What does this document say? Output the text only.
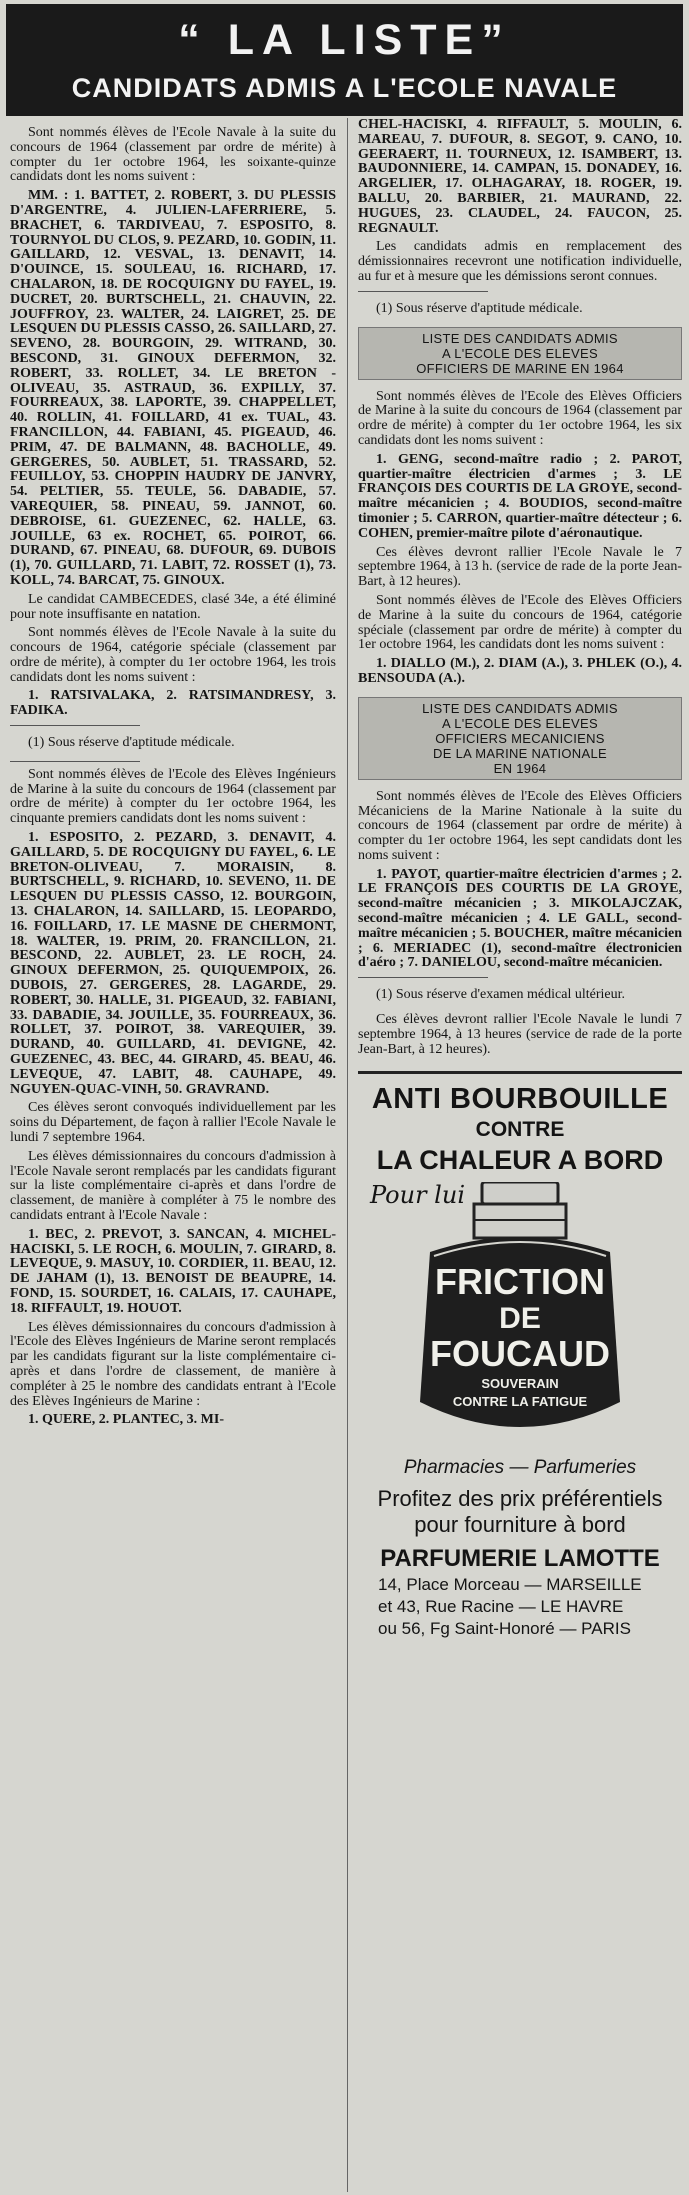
“ LA LISTE”
CANDIDATS ADMIS A L'ECOLE NAVALE

Sont nommés élèves de l'Ecole Navale à la suite du concours de 1964 (classement par ordre de mérite) à compter du 1er octobre 1964, les soixante-quinze candidats dont les noms suivent :

MM. : 1. BATTET, 2. ROBERT, 3. DU PLESSIS D'ARGENTRE, 4. JULIEN-LAFERRIERE, 5. BRACHET, 6. TARDIVEAU, 7. ESPOSITO, 8. TOURNYOL DU CLOS, 9. PEZARD, 10. GODIN, 11. GAILLARD, 12. VESVAL, 13. DENAVIT, 14. D'OUINCE, 15. SOULEAU, 16. RICHARD, 17. CHALARON, 18. DE ROCQUIGNY DU FAYEL, 19. DUCRET, 20. BURTSCHELL, 21. CHAUVIN, 22. JOUFFROY, 23. WALTER, 24. LAIGRET, 25. DE LESQUEN DU PLESSIS CASSO, 26. SAILLARD, 27. SEVENO, 28. BOURGOIN, 29. WITRAND, 30. BESCOND, 31. GINOUX DEFERMON, 32. ROBERT, 33. ROLLET, 34. LE BRETON - OLIVEAU, 35. ASTRAUD, 36. EXPILLY, 37. FOURREAUX, 38. LAPORTE, 39. CHAPPELLET, 40. ROLLIN, 41. FOILLARD, 41 ex. TUAL, 43. FRANCILLON, 44. FABIANI, 45. PIGEAUD, 46. PRIM, 47. DE BALMANN, 48. BACHOLLE, 49. GERGERES, 50. AUBLET, 51. TRASSARD, 52. FEUILLOY, 53. CHOPPIN HAUDRY DE JANVRY, 54. PELTIER, 55. TEULE, 56. DABADIE, 57. VAREQUIER, 58. PINEAU, 59. JANNOT, 60. DEBROISE, 61. GUEZENEC, 62. HALLE, 63. JOUILLE, 63 ex. ROCHET, 65. POIROT, 66. DURAND, 67. PINEAU, 68. DUFOUR, 69. DUBOIS (1), 70. GUILLARD, 71. LABIT, 72. ROSSET (1), 73. KOLL, 74. BARCAT, 75. GINOUX.

Le candidat CAMBECEDES, clasé 34e, a été éliminé pour note insuffisante en natation.

Sont nommés élèves de l'Ecole Navale à la suite du concours de 1964, catégorie spéciale (classement par ordre de mérite), à compter du 1er octobre 1964, les trois candidats dont les noms suivent :

1. RATSIVALAKA, 2. RATSIMANDRESY, 3. FADIKA.

(1) Sous réserve d'aptitude médicale.

Sont nommés élèves de l'Ecole des Elèves Ingénieurs de Marine à la suite du concours de 1964 (classement par ordre de mérite) à compter du 1er octobre 1964, les cinquante premiers candidats dont les noms suivent :

1. ESPOSITO, 2. PEZARD, 3. DENAVIT, 4. GAILLARD, 5. DE ROCQUIGNY DU FAYEL, 6. LE BRETON-OLIVEAU, 7. MORAISIN, 8. BURTSCHELL, 9. RICHARD, 10. SEVENO, 11. DE LESQUEN DU PLESSIS CASSO, 12. BOURGOIN, 13. CHALARON, 14. SAILLARD, 15. LEOPARDO, 16. FOILLARD, 17. LE MASNE DE CHERMONT, 18. WALTER, 19. PRIM, 20. FRANCILLON, 21. BESCOND, 22. AUBLET, 23. LE ROCH, 24. GINOUX DEFERMON, 25. QUIQUEMPOIX, 26. DUBOIS, 27. GERGERES, 28. LAGARDE, 29. ROBERT, 30. HALLE, 31. PIGEAUD, 32. FABIANI, 33. DABADIE, 34. JOUILLE, 35. FOURREAUX, 36. ROLLET, 37. POIROT, 38. VAREQUIER, 39. DURAND, 40. GUILLARD, 41. DEVIGNE, 42. GUEZENEC, 43. BEC, 44. GIRARD, 45. BEAU, 46. LEVEQUE, 47. LABIT, 48. CAUHAPE, 49. NGUYEN-QUAC-VINH, 50. GRAVRAND.

Ces élèves seront convoqués individuellement par les soins du Département, de façon à rallier l'Ecole Navale le lundi 7 septembre 1964.

Les élèves démissionnaires du concours d'admission à l'Ecole Navale seront remplacés par les candidats figurant sur la liste complémentaire ci-après et dans l'ordre de classement, de manière à compléter à 75 le nombre des candidats entrant à l'Ecole Navale :

1. BEC, 2. PREVOT, 3. SANCAN, 4. MICHEL-HACISKI, 5. LE ROCH, 6. MOULIN, 7. GIRARD, 8. LEVEQUE, 9. MASUY, 10. CORDIER, 11. BEAU, 12. DE JAHAM (1), 13. BENOIST DE BEAUPRE, 14. FOND, 15. SOURDET, 16. CALAIS, 17. CAUHAPE, 18. RIFFAULT, 19. HOUOT.

Les élèves démissionnaires du concours d'admission à l'Ecole des Elèves Ingénieurs de Marine seront remplacés par les candidats figurant sur la liste complémentaire ci-après et dans l'ordre de classement, de manière à compléter à 25 le nombre des candidats entrant à l'Ecole des Elèves Ingénieurs de Marine :

1. QUERE, 2. PLANTEC, 3. MI-

CHEL-HACISKI, 4. RIFFAULT, 5. MOULIN, 6. MAREAU, 7. DUFOUR, 8. SEGOT, 9. CANO, 10. GEERAERT, 11. TOURNEUX, 12. ISAMBERT, 13. BAUDONNIERE, 14. CAMPAN, 15. DONADEY, 16. ARGELIER, 17. OLHAGARAY, 18. ROGER, 19. BALLU, 20. BARBIER, 21. MAURAND, 22. HUGUES, 23. CLAUDEL, 24. FAUCON, 25. REGNAULT.

Les candidats admis en remplacement des démissionnaires recevront une notification individuelle, au fur et à mesure que les démissions seront connues.

(1) Sous réserve d'aptitude médicale.

LISTE DES CANDIDATS ADMIS
A L'ECOLE DES ELEVES
OFFICIERS DE MARINE EN 1964

Sont nommés élèves de l'Ecole des Elèves Officiers de Marine à la suite du concours de 1964 (classement par ordre de mérite) à compter du 1er octobre 1964, les six candidats dont les noms suivent :

1. GENG, second-maître radio ; 2. PAROT, quartier-maître électricien d'armes ; 3. LE FRANÇOIS DES COURTIS DE LA GROYE, second-maître mécanicien ; 4. BOUDIOS, second-maître timonier ; 5. CARRON, quartier-maître détecteur ; 6. COHEN, premier-maître pilote d'aéronautique.

Ces élèves devront rallier l'Ecole Navale le 7 septembre 1964, à 13 h. (service de rade de la porte Jean-Bart, à 12 heures).

Sont nommés élèves de l'Ecole des Elèves Officiers de Marine à la suite du concours de 1964, catégorie spéciale (classement par ordre de mérite) à compter du 1er octobre 1964, les candidats dont les noms suivent :

1. DIALLO (M.), 2. DIAM (A.), 3. PHLEK (O.), 4. BENSOUDA (A.).

LISTE DES CANDIDATS ADMIS
A L'ECOLE DES ELEVES
OFFICIERS MECANICIENS
DE LA MARINE NATIONALE
EN 1964

Sont nommés élèves de l'Ecole des Elèves Officiers Mécaniciens de la Marine Nationale à la suite du concours de 1964 (classement par ordre de mérite) à compter du 1er octobre 1964, les sept candidats dont les noms suivent :

1. PAYOT, quartier-maître électricien d'armes ; 2. LE FRANÇOIS DES COURTIS DE LA GROYE, second-maître mécanicien ; 3. MIKOLAJCZAK, second-maître mécanicien ; 4. LE GALL, second-maître mécanicien ; 5. BOUCHER, maître mécanicien ; 6. MERIADEC (1), second-maître électronicien d'aéro ; 7. DANIELOU, second-maître mécanicien.

(1) Sous réserve d'examen médical ultérieur.

Ces élèves devront rallier l'Ecole Navale le lundi 7 septembre 1964, à 13 heures (service de rade de la porte Jean-Bart, à 12 heures).

ANTI BOURBOUILLE
CONTRE
LA CHALEUR A BORD
Pour lui
FRICTION
DE
FOUCAUD
SOUVERAIN
CONTRE LA FATIGUE
Pharmacies — Parfumeries
Profitez des prix préférentiels pour fourniture à bord
PARFUMERIE LAMOTTE
14, Place Morceau — MARSEILLE
et 43, Rue Racine — LE HAVRE
ou 56, Fg Saint-Honoré — PARIS
